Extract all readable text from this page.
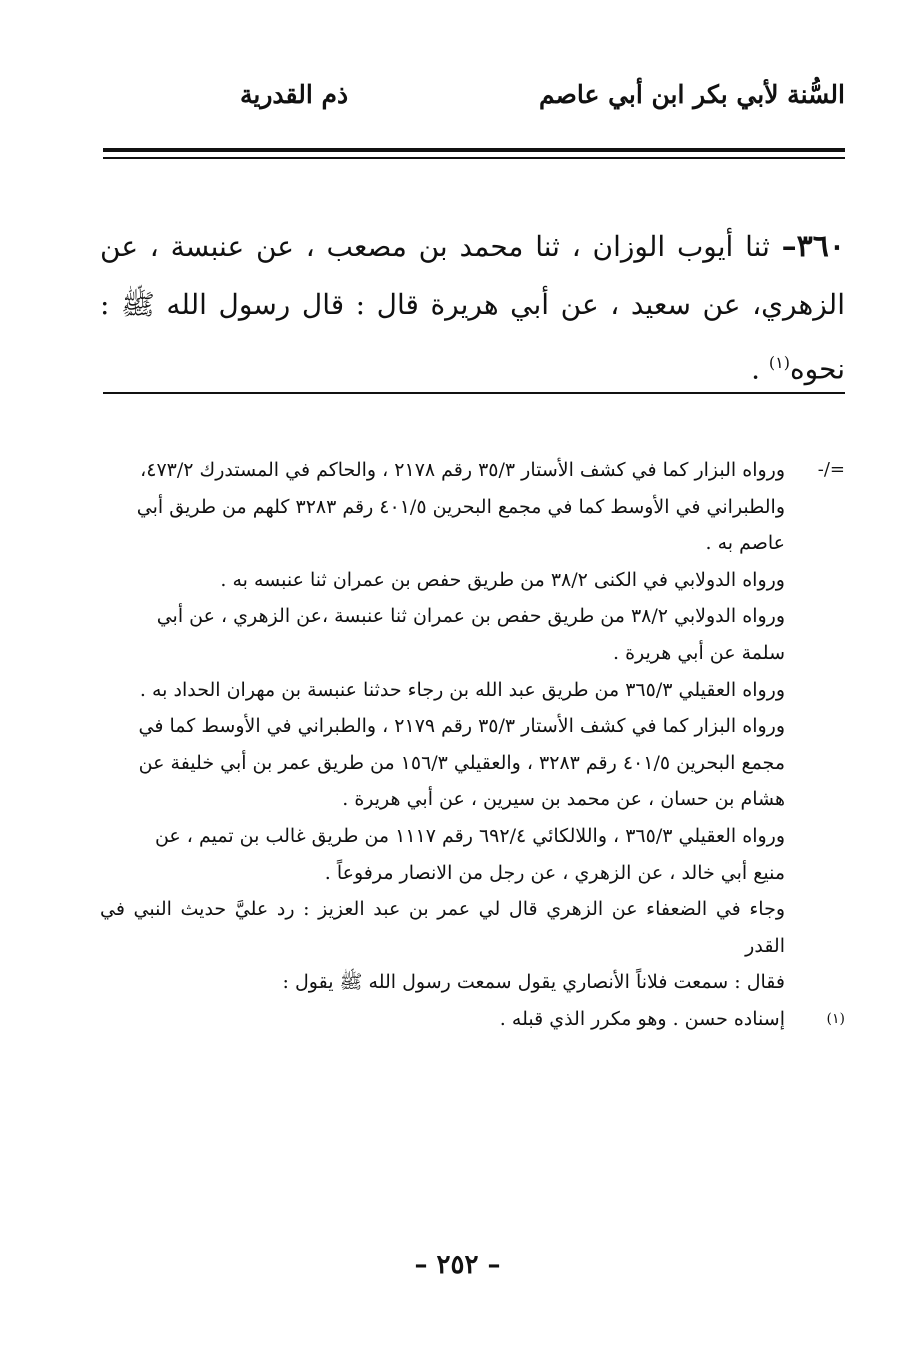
السُّنة لأبي بكر ابن أبي عاصم
ذم القدرية
٣٦٠– ثنا أيوب الوزان ، ثنا محمد بن مصعب ، عن عنبسة ، عن الزهري، عن سعيد ، عن أبي هريرة قال : قال رسول الله ﷺ : نحوه$^{(١)}$ .
=/-
ورواه البزار كما في كشف الأستار ٣٥/٣ رقم ٢١٧٨ ، والحاكم في المستدرك ٤٧٣/٢،
والطبراني في الأوسط كما في مجمع البحرين ٤٠١/٥ رقم ٣٢٨٣ كلهم من طريق أبي
عاصم به .
ورواه الدولابي في الكنى ٣٨/٢ من طريق حفص بن عمران ثنا عنبسه به .
ورواه الدولابي ٣٨/٢ من طريق حفص بن عمران ثنا عنبسة ،عن الزهري ، عن أبي
سلمة عن أبي هريرة .
ورواه العقيلي ٣٦٥/٣ من طريق عبد الله بن رجاء حدثنا عنبسة بن مهران الحداد به .
ورواه البزار كما في كشف الأستار ٣٥/٣ رقم ٢١٧٩ ، والطبراني في الأوسط كما في
مجمع البحرين ٤٠١/٥ رقم ٣٢٨٣ ، والعقيلي ١٥٦/٣ من طريق عمر بن أبي خليفة عن
هشام بن حسان ، عن محمد بن سيرين ، عن أبي هريرة .
ورواه العقيلي ٣٦٥/٣ ، واللالكائي ٦٩٢/٤ رقم ١١١٧ من طريق غالب بن تميم ، عن
منيع أبي خالد ، عن الزهري ، عن رجل من الانصار مرفوعاً .
وجاء في الضعفاء عن الزهري قال لي عمر بن عبد العزيز : رد عليَّ حديث النبي في القدر
فقال : سمعت فلاناً الأنصاري يقول سمعت رسول الله ﷺ يقول :
(١)
إسناده حسن . وهو مكرر الذي قبله .
– ٢٥٢ –
